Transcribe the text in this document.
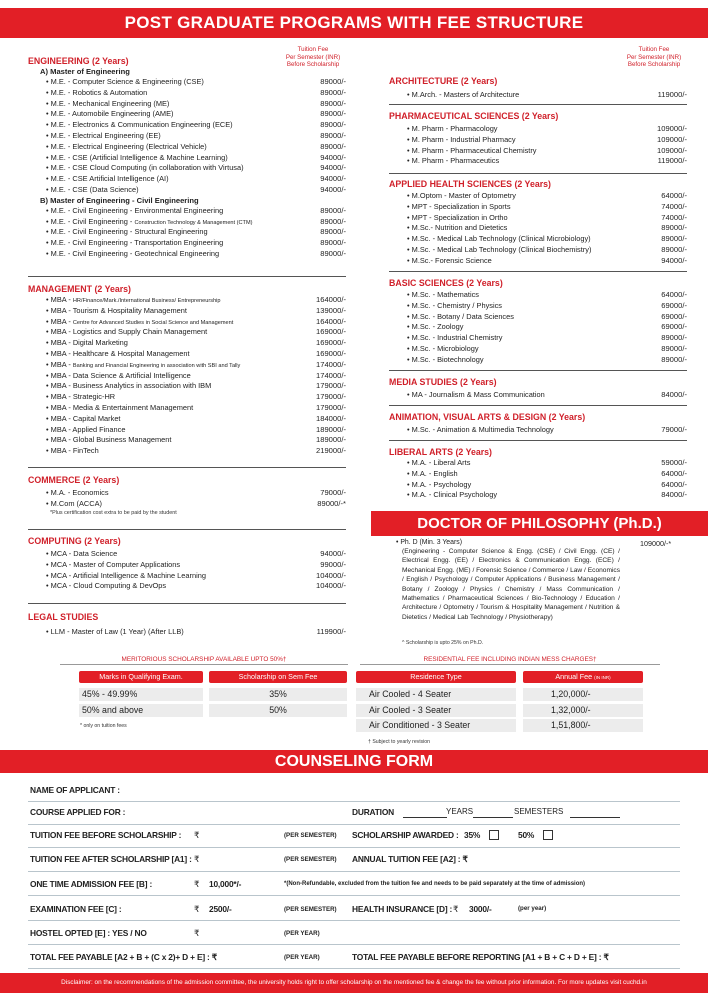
POST GRADUATE PROGRAMS WITH FEE STRUCTURE
Tuition Fee
Per Semester (INR)
Before Scholarship
ENGINEERING (2 Years)
A) Master of Engineering
• M.E. - Computer Science & Engineering (CSE)	89000/-
• M.E. - Robotics & Automation	89000/-
• M.E. - Mechanical Engineering (ME)	89000/-
• M.E. - Automobile Engineering (AME)	89000/-
• M.E. - Electronics & Communication Engineering (ECE)	89000/-
• M.E. - Electrical Engineering (EE)	89000/-
• M.E. - Electrical Engineering (Electrical Vehicle)	89000/-
• M.E. - CSE (Artificial Intelligence & Machine Learning)	94000/-
• M.E. - CSE Cloud Computing (in collaboration with Virtusa)	94000/-
• M.E. - CSE Artificial Intelligence (AI)	94000/-
• M.E. - CSE (Data Science)	94000/-
B) Master of Engineering - Civil Engineering
• M.E. - Civil Engineering - Environmental Engineering	89000/-
• M.E. - Civil Engineering - Construction Technology & Management (CTM)	89000/-
• M.E. - Civil Engineering - Structural Engineering	89000/-
• M.E. - Civil Engineering - Transportation Engineering	89000/-
• M.E. - Civil Engineering - Geotechnical Engineering	89000/-
MANAGEMENT (2 Years)
• MBA - HR/Finance/Mark./International Business/ Entrepreneurship	164000/-
• MBA - Tourism & Hospitality Management	139000/-
• MBA - Centre for Advanced Studies in Social Science and Management	164000/-
• MBA - Logistics and Supply Chain Management	169000/-
• MBA - Digital Marketing	169000/-
• MBA - Healthcare & Hospital Management	169000/-
• MBA - Banking and Financial Engineering in association with SBI and Tally	174000/-
• MBA - Data Science & Artificial Intelligence	174000/-
• MBA - Business Analytics in association with IBM	179000/-
• MBA - Strategic-HR	179000/-
• MBA - Media & Entertainment Management	179000/-
• MBA - Capital Market	184000/-
• MBA - Applied Finance	189000/-
• MBA - Global Business Management	189000/-
• MBA - FinTech	219000/-
COMMERCE (2 Years)
• M.A. - Economics	79000/-
• M.Com (ACCA)	89000/-*
*Plus certification cost extra to be paid by the student
COMPUTING (2 Years)
• MCA - Data Science	94000/-
• MCA - Master of Computer Applications	99000/-
• MCA - Artificial Intelligence & Machine Learning	104000/-
• MCA - Cloud Computing & DevOps	104000/-
LEGAL STUDIES
• LLM - Master of Law (1 Year) (After LLB)	119900/-
Tuition Fee
Per Semester (INR)
Before Scholarship
ARCHITECTURE (2 Years)
• M.Arch. - Masters of Architecture	119000/-
PHARMACEUTICAL SCIENCES (2 Years)
• M. Pharm - Pharmacology	109000/-
• M. Pharm - Industrial Pharmacy	109000/-
• M. Pharm - Pharmaceutical Chemistry	109000/-
• M. Pharm - Pharmaceutics	119000/-
APPLIED HEALTH SCIENCES (2 Years)
• M.Optom - Master of Optometry	64000/-
• MPT - Specialization in Sports	74000/-
• MPT - Specialization in Ortho	74000/-
• M.Sc.- Nutrition and Dietetics	89000/-
• M.Sc. - Medical Lab Technology (Clinical Microbiology)	89000/-
• M.Sc. - Medical Lab Technology (Clinical Biochemistry)	89000/-
• M.Sc.- Forensic Science	94000/-
BASIC SCIENCES (2 Years)
• M.Sc. - Mathematics	64000/-
• M.Sc. - Chemistry / Physics	69000/-
• M.Sc. - Botany / Data Sciences	69000/-
• M.Sc. - Zoology	69000/-
• M.Sc. - Industrial Chemistry	89000/-
• M.Sc. - Microbiology	89000/-
• M.Sc. - Biotechnology	89000/-
MEDIA STUDIES (2 Years)
• MA - Journalism & Mass Communication	84000/-
ANIMATION, VISUAL ARTS & DESIGN (2 Years)
• M.Sc. - Animation & Multimedia Technology	79000/-
LIBERAL ARTS (2 Years)
• M.A. - Liberal Arts	59000/-
• M.A. - English	64000/-
• M.A. - Psychology	64000/-
• M.A. - Clinical Psychology	84000/-
DOCTOR OF PHILOSOPHY (Ph.D.)
• Ph. D (Min. 3 Years)	109000/-*
(Engineering - Computer Science & Engg. (CSE) / Civil Engg. (CE) / Electrical Engg. (EE) / Electronics & Communication Engg. (ECE) / Mechanical Engg. (ME) / Forensic Science / Commerce / Law / Economics / English / Psychology / Computer Applications / Business Management / Botany / Zoology / Physics / Chemistry / Mass Communication / Mathematics / Pharmaceutical Sciences / Bio-Technology / Education / Architecture / Optometry / Tourism & Hospitality Management / Nutrition & Dietetics / Medical Lab Technology / Physiotherapy)
^ Scholarship is upto 25% on Ph.D.
MERITORIOUS SCHOLARSHIP AVAILABLE UPTO 50%†
Marks in Qualifying Exam.	Scholarship on Sem Fee
45% - 49.99%	35%
50% and above	50%
* only on tuition fees
RESIDENTIAL FEE INCLUDING INDIAN MESS CHARGES†
Residence Type	Annual Fee (IN INR)
Air Cooled - 4 Seater	1,20,000/-
Air Cooled - 3 Seater	1,32,000/-
Air Conditioned - 3 Seater	1,51,800/-
† Subject to yearly revision
COUNSELING FORM
NAME OF APPLICANT :
COURSE APPLIED FOR :	DURATION	YEARS	SEMESTERS
TUITION FEE BEFORE SCHOLARSHIP : ₹	(PER SEMESTER) SCHOLARSHIP AWARDED : 35%	50%
TUITION FEE AFTER SCHOLARSHIP [A1] : ₹	(PER SEMESTER) ANNUAL TUITION FEE [A2] : ₹
ONE TIME ADMISSION FEE [B] :	₹ 10,000*/-	*(Non-Refundable, excluded from the tuition fee and needs to be paid separately at the time of admission)
EXAMINATION FEE [C] :	₹ 2500/-	(PER SEMESTER) HEALTH INSURANCE [D] : ₹ 3000/-	(per year)
HOSTEL OPTED [E] : YES / NO	₹	(PER YEAR)
TOTAL FEE PAYABLE [A2 + B + (C x 2)+ D + E] : ₹	(PER YEAR)	TOTAL FEE PAYABLE BEFORE REPORTING [A1 + B + C + D + E] : ₹
Disclaimer: on the recommendations of the admission committee, the university holds right to offer scholarship on the mentioned fee & change the fee without prior information. For more updates visit cuchd.in
